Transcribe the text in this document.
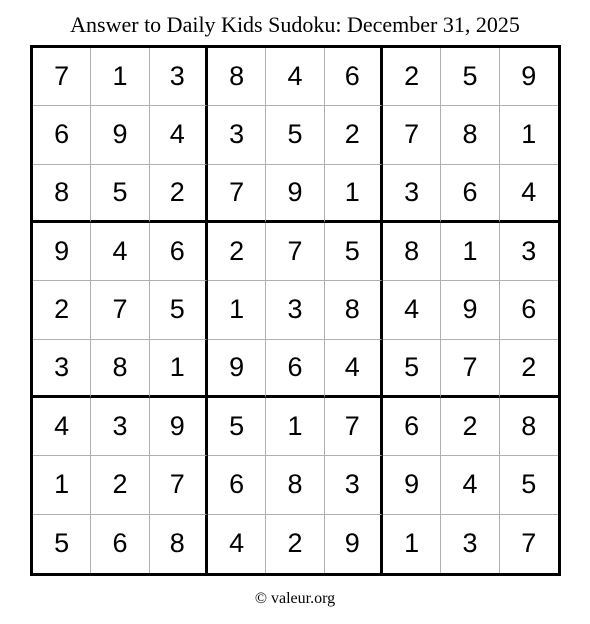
Answer to Daily Kids Sudoku: December 31, 2025
7	1	3	8	4	6	2	5	9
6	9	4	3	5	2	7	8	1
8	5	2	7	9	1	3	6	4
9	4	6	2	7	5	8	1	3
2	7	5	1	3	8	4	9	6
3	8	1	9	6	4	5	7	2
4	3	9	5	1	7	6	2	8
1	2	7	6	8	3	9	4	5
5	6	8	4	2	9	1	3	7
© valeur.org
